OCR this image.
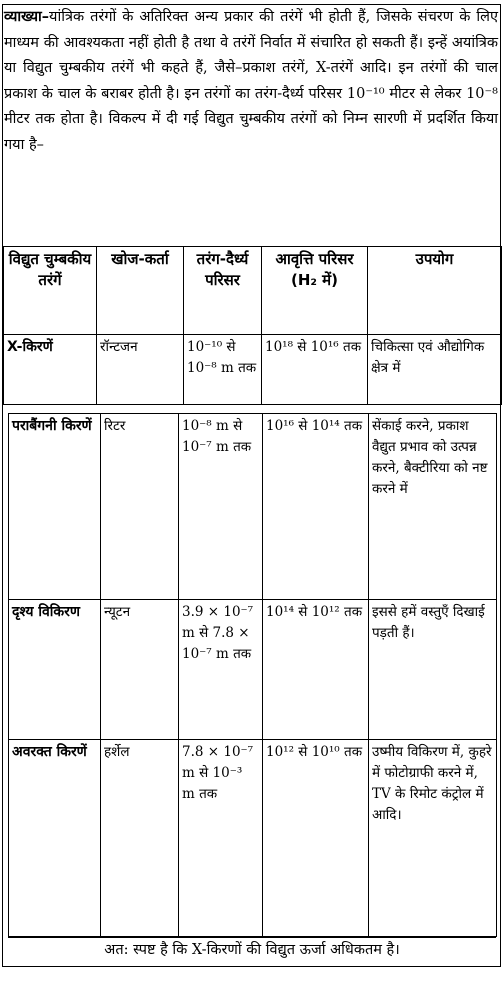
व्याख्या–यांत्रिक तरंगों के अतिरिक्त अन्य प्रकार की तरंगें भी होती हैं, जिसके संचरण के लिए माध्यम की आवश्यकता नहीं होती है तथा वे तरंगें निर्वात में संचारित हो सकती हैं। इन्हें अयांत्रिक या विद्युत चुम्बकीय तरंगें भी कहते हैं, जैसे–प्रकाश तरंगें, X-तरंगें आदि। इन तरंगों की चाल प्रकाश के चाल के बराबर होती है। इन तरंगों का तरंग-दैर्ध्य परिसर 10⁻¹⁰ मीटर से लेकर 10⁻⁸ मीटर तक होता है। विकल्प में दी गई विद्युत चुम्बकीय तरंगों को निम्न सारणी में प्रदर्शित किया गया है–
विद्युत चुम्बकीय तरंगें	खोज-कर्ता	तरंग-दैर्ध्य परिसर	आवृत्ति परिसर (H₂ में)	उपयोग
X-किरणें	रॉन्टजन	10⁻¹⁰ से 10⁻⁸ m तक	10¹⁸ से 10¹⁶ तक	चिकित्सा एवं औद्योगिक क्षेत्र में
पराबैंगनी किरणें	रिटर	10⁻⁸ m से 10⁻⁷ m तक	10¹⁶ से 10¹⁴ तक	सेंकाई करने, प्रकाश वैद्युत प्रभाव को उत्पन्न करने, बैक्टीरिया को नष्ट करने में
दृश्य विकिरण	न्यूटन	3.9 × 10⁻⁷ m से 7.8 × 10⁻⁷ m तक	10¹⁴ से 10¹² तक	इससे हमें वस्तुएँ दिखाई पड़ती हैं।
अवरक्त किरणें	हर्शेल	7.8 × 10⁻⁷ m से 10⁻³ m तक	10¹² से 10¹⁰ तक	उष्मीय विकिरण में, कुहरे में फोटोग्राफी करने में, TV के रिमोट कंट्रोल में आदि।
अत: स्पष्ट है कि X-किरणों की विद्युत ऊर्जा अधिकतम है।
